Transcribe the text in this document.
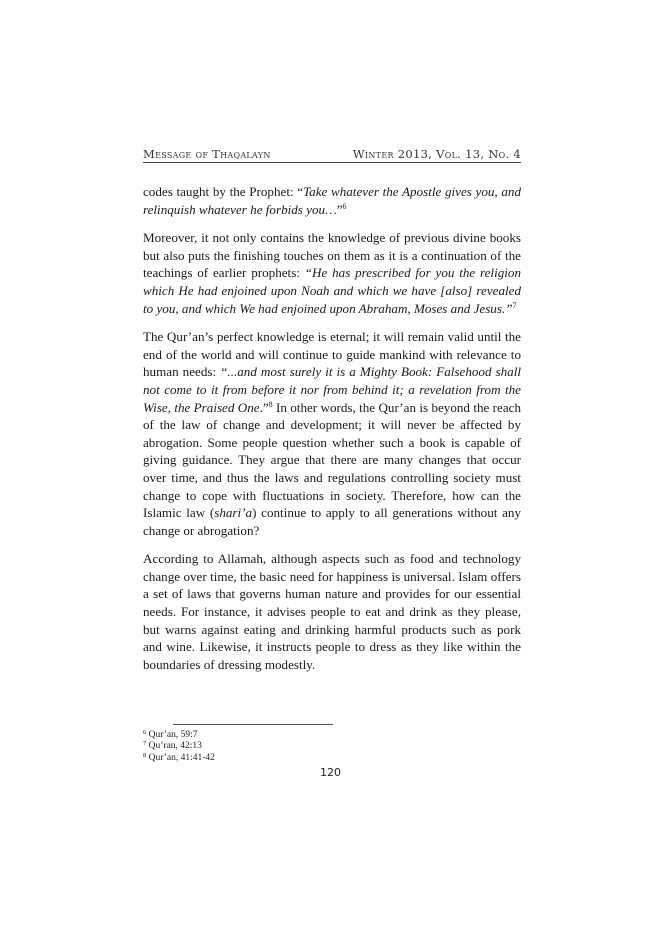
Message of Thaqalayn	Winter 2013, Vol. 13, No. 4

codes taught by the Prophet: “Take whatever the Apostle gives you, and relinquish whatever he forbids you…”$^6$

Moreover, it not only contains the knowledge of previous divine books but also puts the finishing touches on them as it is a continuation of the teachings of earlier prophets: “He has prescribed for you the religion which He had enjoined upon Noah and which we have [also] revealed to you, and which We had enjoined upon Abraham, Moses and Jesus.”$^7$

The Qur’an’s perfect knowledge is eternal; it will remain valid until the end of the world and will continue to guide mankind with relevance to human needs: “...and most surely it is a Mighty Book: Falsehood shall not come to it from before it nor from behind it; a revelation from the Wise, the Praised One.”$^8$ In other words, the Qur’an is beyond the reach of the law of change and development; it will never be affected by abrogation. Some people question whether such a book is capable of giving guidance. They argue that there are many changes that occur over time, and thus the laws and regulations controlling society must change to cope with fluctuations in society. Therefore, how can the Islamic law (shari’a) continue to apply to all generations without any change or abrogation?

According to Allamah, although aspects such as food and technology change over time, the basic need for happiness is universal. Islam offers a set of laws that governs human nature and provides for our essential needs. For instance, it advises people to eat and drink as they please, but warns against eating and drinking harmful products such as pork and wine. Likewise, it instructs people to dress as they like within the boundaries of dressing modestly.

$^6$ Qur’an, 59:7
$^7$ Qu’ran, 42:13
$^8$ Qur’an, 41:41-42
120
